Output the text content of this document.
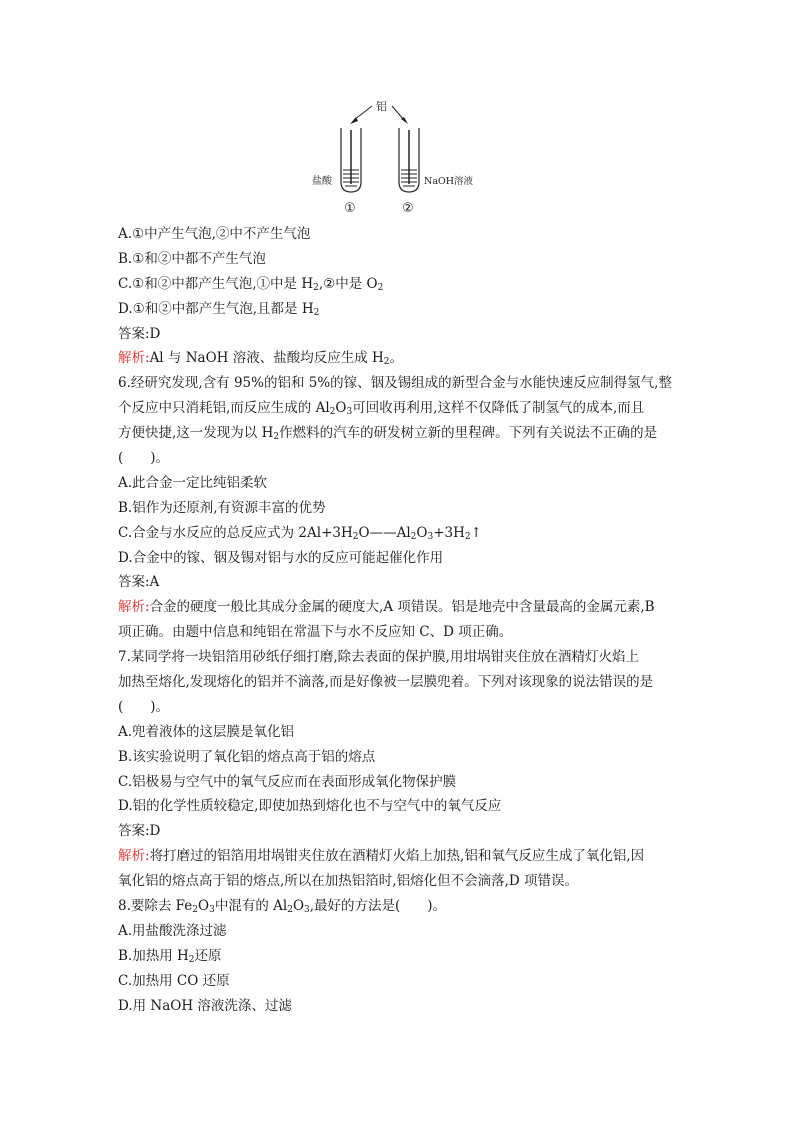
铝
盐酸	NaOH溶液
①	②
A.①中产生气泡,②中不产生气泡
B.①和②中都不产生气泡
C.①和②中都产生气泡,①中是 $H_2,②$中是 $O_2$
D.①和②中都产生气泡,且都是 $H_2$
答案:D
解析:Al 与 NaOH 溶液、盐酸均反应生成 $H_2$。
6.经研究发现,含有 95%的铝和 5%的镓、铟及锡组成的新型合金与水能快速反应制得氢气,整
个反应中只消耗铝,而反应生成的 $Al_2O_3$可回收再利用,这样不仅降低了制氢气的成本,而且
方便快捷,这一发现为以 $H_2$作燃料的汽车的研发树立新的里程碑。下列有关说法不正确的是
(　　)。
A.此合金一定比纯铝柔软
B.铝作为还原剂,有资源丰富的优势
C.合金与水反应的总反应式为 $2Al+3H_2O——Al_2O_3+3H_2↑$
D.合金中的镓、铟及锡对铝与水的反应可能起催化作用
答案:A
解析:合金的硬度一般比其成分金属的硬度大,A 项错误。铝是地壳中含量最高的金属元素,B
项正确。由题中信息和纯铝在常温下与水不反应知 C、D 项正确。
7.某同学将一块铝箔用砂纸仔细打磨,除去表面的保护膜,用坩埚钳夹住放在酒精灯火焰上
加热至熔化,发现熔化的铝并不滴落,而是好像被一层膜兜着。下列对该现象的说法错误的是
(　　)。
A.兜着液体的这层膜是氧化铝
B.该实验说明了氧化铝的熔点高于铝的熔点
C.铝极易与空气中的氧气反应而在表面形成氧化物保护膜
D.铝的化学性质较稳定,即使加热到熔化也不与空气中的氧气反应
答案:D
解析:将打磨过的铝箔用坩埚钳夹住放在酒精灯火焰上加热,铝和氧气反应生成了氧化铝,因
氧化铝的熔点高于铝的熔点,所以在加热铝箔时,铝熔化但不会滴落,D 项错误。
8.要除去 $Fe_2O_3$中混有的 $Al_2O_3$,最好的方法是(　　)。
A.用盐酸洗涤过滤
B.加热用 $H_2$还原
C.加热用 CO 还原
D.用 NaOH 溶液洗涤、过滤
